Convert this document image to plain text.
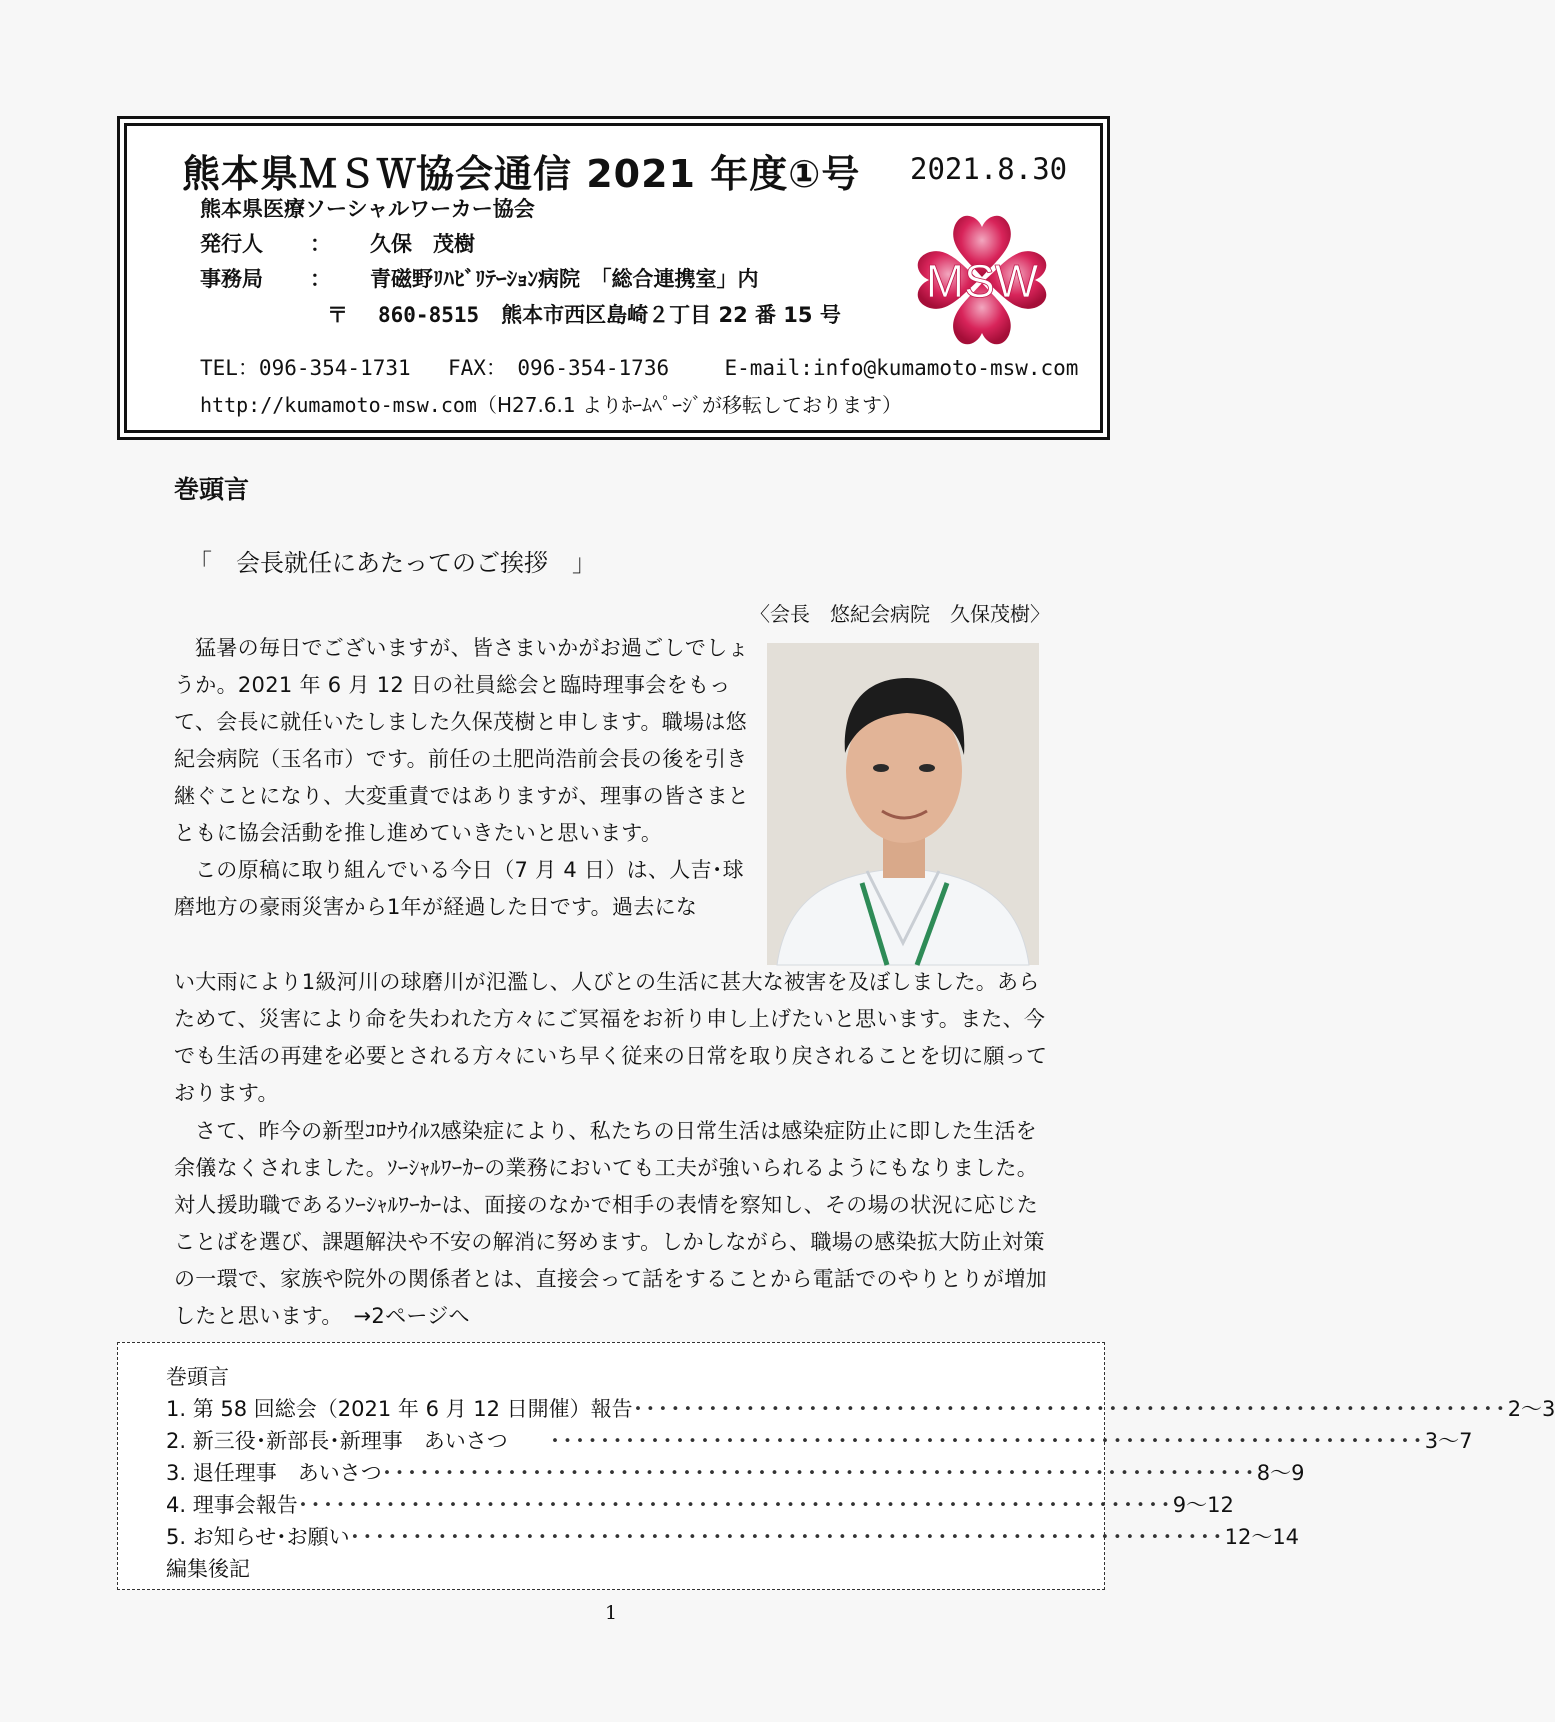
熊本県ＭＳＷ協会通信 2021 年度①号 2021.8.30
熊本県医療ソーシャルワーカー協会
発行人 ： 久保　茂樹
事務局 ： 青磁野ﾘﾊﾋﾞﾘﾃｰｼｮﾝ病院　「総合連携室」内
〒 860-8515 熊本市西区島崎２丁目 22 番 15 号
TEL：096-354-1731 FAX：　096-354-1736	E-mail:info@kumamoto-msw.com
http://kumamoto-msw.com（H27.6.1 よりﾎｰﾑﾍﾟｰｼﾞが移転しております）
MSW
巻頭言
「　会長就任にあたってのご挨拶　」
〈会長　悠紀会病院　久保茂樹〉
猛暑の毎日でございますが、皆さまいかがお過ごしでしょうか。2021 年 6 月 12 日の社員総会と臨時理事会をもって、会長に就任いたしました久保茂樹と申します。職場は悠紀会病院（玉名市）です。前任の土肥尚浩前会長の後を引き継ぐことになり、大変重責ではありますが、理事の皆さまとともに協会活動を推し進めていきたいと思います。
この原稿に取り組んでいる今日（7 月 4 日）は、人吉･球磨地方の豪雨災害から1年が経過した日です。過去にな
い大雨により1級河川の球磨川が氾濫し、人びとの生活に甚大な被害を及ぼしました。あらためて、災害により命を失われた方々にご冥福をお祈り申し上げたいと思います。また、今でも生活の再建を必要とされる方々にいち早く従来の日常を取り戻されることを切に願っております。
さて、昨今の新型ｺﾛﾅｳｲﾙｽ感染症により、私たちの日常生活は感染症防止に即した生活を余儀なくされました。ｿｰｼｬﾙﾜｰｶｰの業務においても工夫が強いられるようにもなりました。対人援助職であるｿｰｼｬﾙﾜｰｶｰは、面接のなかで相手の表情を察知し、その場の状況に応じたことばを選び、課題解決や不安の解消に努めます。しかしながら、職場の感染拡大防止対策の一環で、家族や院外の関係者とは、直接会って話をすることから電話でのやりとりが増加したと思います。　→2ページへ
巻頭言
1. 第 58 回総会（2021 年 6 月 12 日開催）報告 ･･････････････････････････････････････････････････････････････････････ 2～3
2. 新三役･新部長･新理事　あいさつ　　 ･･････････････････････････････････････････････････････････････････････ 3～7
3. 退任理事　あいさつ ･･････････････････････････････････････････････････････････････････････ 8～9
4. 理事会報告 ･･････････････････････････････････････････････････････････････････････ 9～12
5. お知らせ･お願い ･･････････････････････････････････････････････････････････････････････ 12～14
編集後記
1
